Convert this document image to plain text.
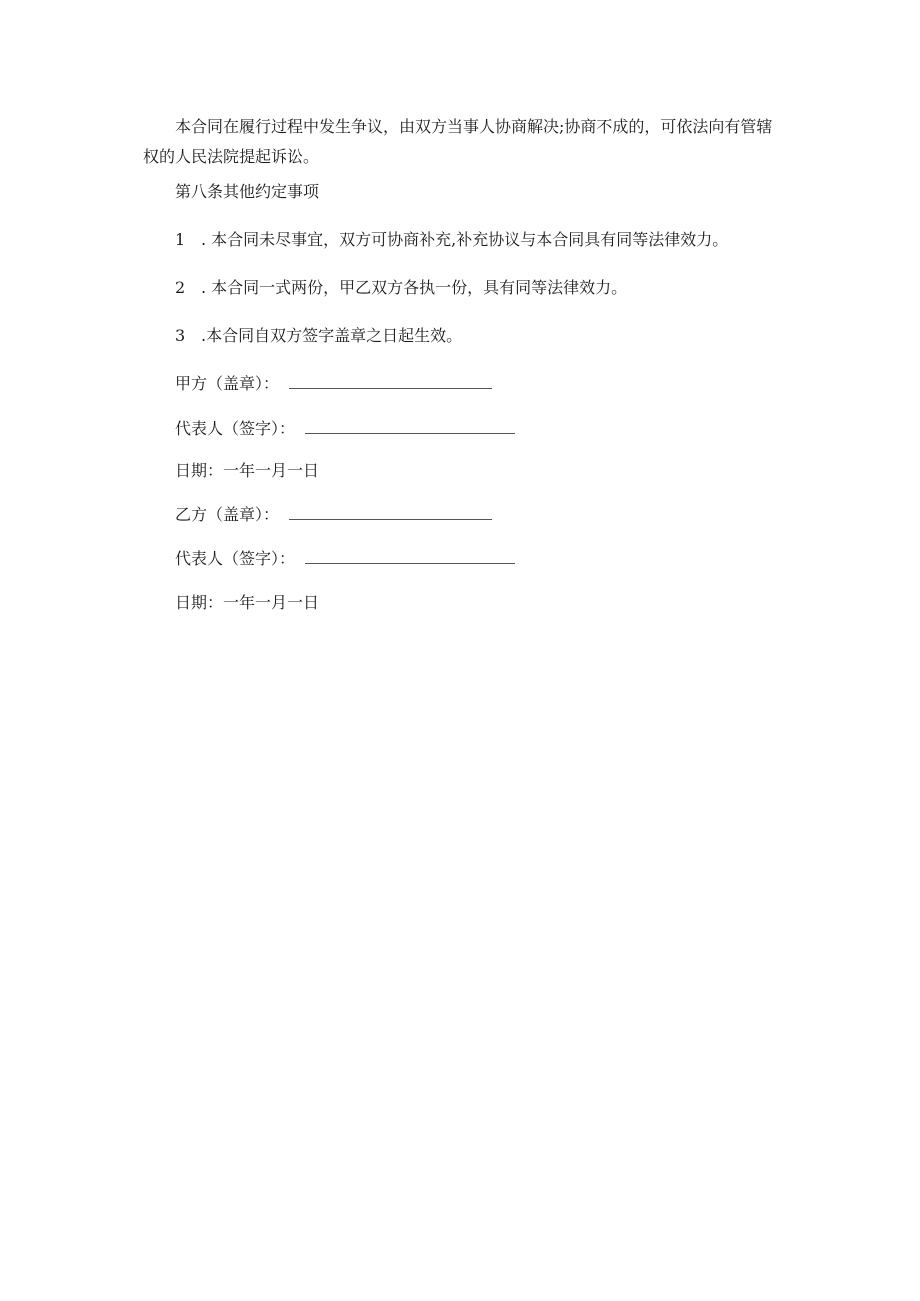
本合同在履行过程中发生争议，由双方当事人协商解决;协商不成的，可依法向有管辖权的人民法院提起诉讼。

第八条其他约定事项

1 . 本合同未尽事宜，双方可协商补充,补充协议与本合同具有同等法律效力。

2 . 本合同一式两份，甲乙双方各执一份，具有同等法律效力。

3 .本合同自双方签字盖章之日起生效。

甲方（盖章）：

代表人（签字）：

日期：一年一月一日

乙方（盖章）：

代表人（签字）：

日期：一年一月一日
